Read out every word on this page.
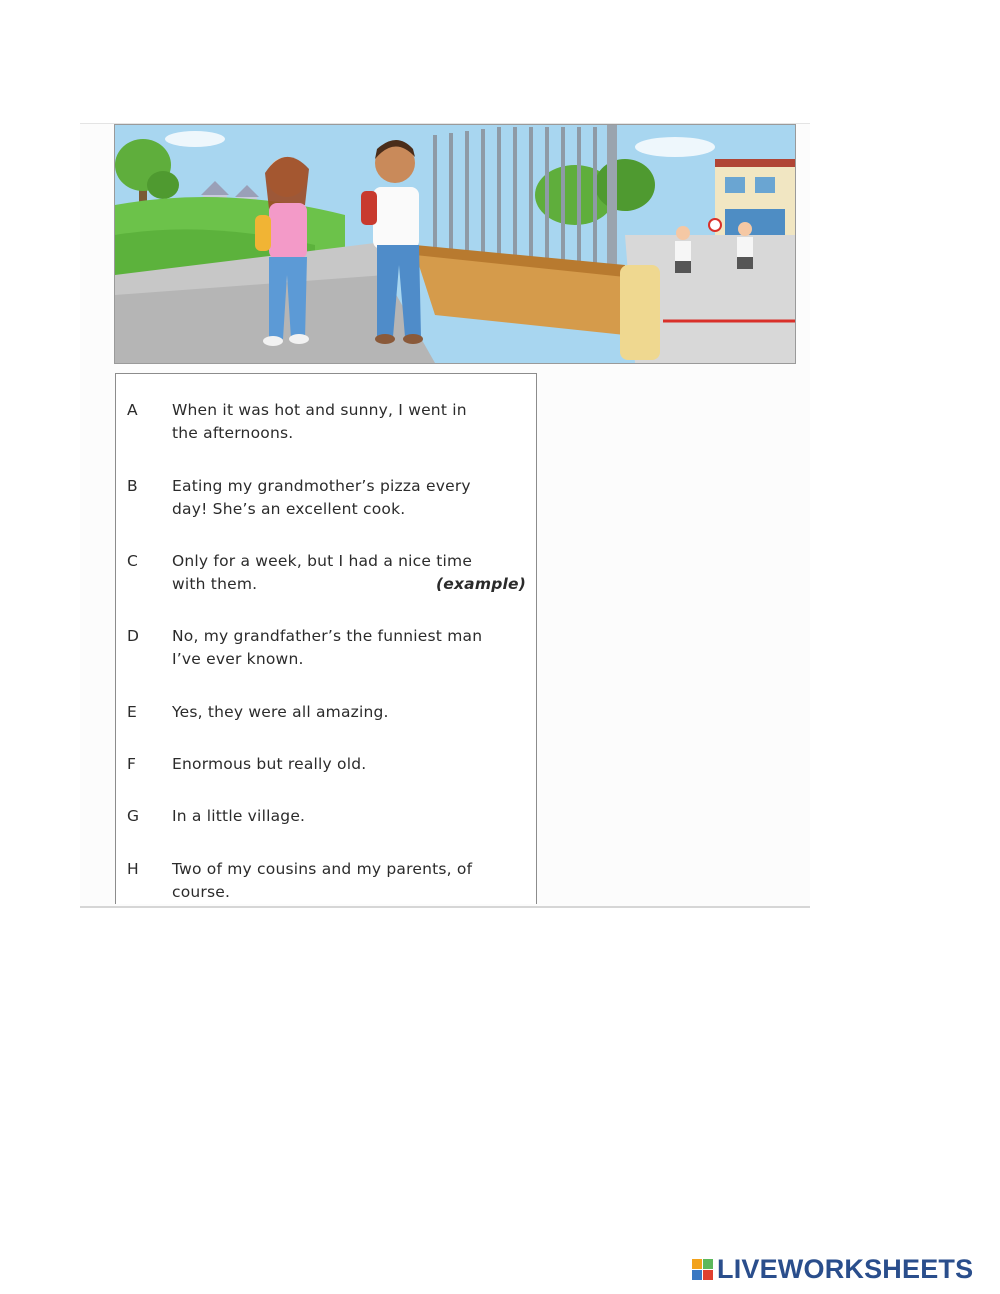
A	When it was hot and sunny, I went in
the afternoons.
B	Eating my grandmother’s pizza every
day! She’s an excellent cook.
C	Only for a week, but I had a nice time
with them.	(example)
D	No, my grandfather’s the funniest man
I’ve ever known.
E	Yes, they were all amazing.
F	Enormous but really old.
G	In a little village.
H	Two of my cousins and my parents, of
course.
LIVEWORKSHEETS
